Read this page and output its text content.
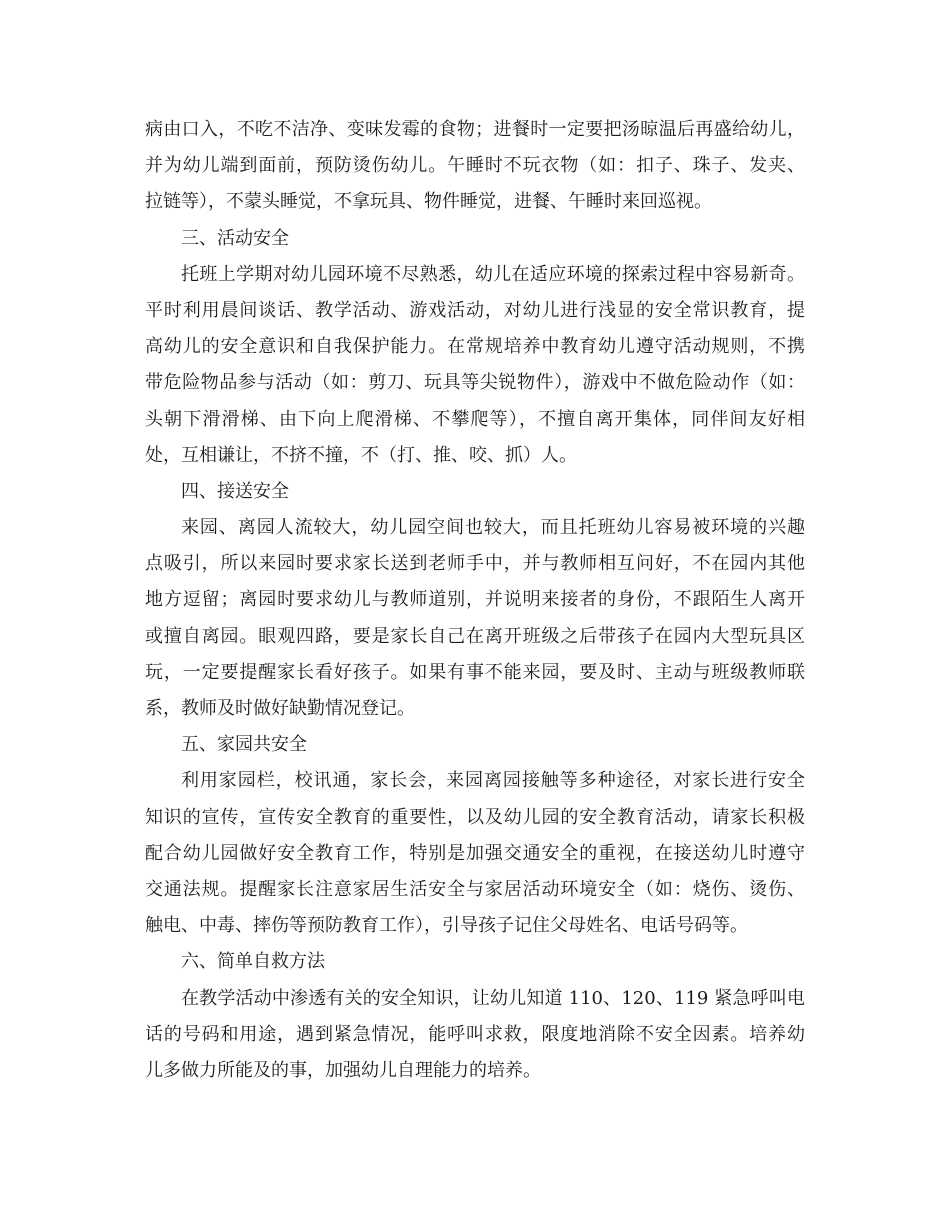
病由口入，不吃不洁净、变味发霉的食物；进餐时一定要把汤晾温后再盛给幼儿，
并为幼儿端到面前，预防烫伤幼儿。午睡时不玩衣物（如：扣子、珠子、发夹、
拉链等），不蒙头睡觉，不拿玩具、物件睡觉，进餐、午睡时来回巡视。
三、活动安全
托班上学期对幼儿园环境不尽熟悉，幼儿在适应环境的探索过程中容易新奇。
平时利用晨间谈话、教学活动、游戏活动，对幼儿进行浅显的安全常识教育，提
高幼儿的安全意识和自我保护能力。在常规培养中教育幼儿遵守活动规则，不携
带危险物品参与活动（如：剪刀、玩具等尖锐物件），游戏中不做危险动作（如：
头朝下滑滑梯、由下向上爬滑梯、不攀爬等），不擅自离开集体，同伴间友好相
处，互相谦让，不挤不撞，不（打、推、咬、抓）人。
四、接送安全
来园、离园人流较大，幼儿园空间也较大，而且托班幼儿容易被环境的兴趣
点吸引，所以来园时要求家长送到老师手中，并与教师相互问好，不在园内其他
地方逗留；离园时要求幼儿与教师道别，并说明来接者的身份，不跟陌生人离开
或擅自离园。眼观四路，要是家长自己在离开班级之后带孩子在园内大型玩具区
玩，一定要提醒家长看好孩子。如果有事不能来园，要及时、主动与班级教师联
系，教师及时做好缺勤情况登记。
五、家园共安全
利用家园栏，校讯通，家长会，来园离园接触等多种途径，对家长进行安全
知识的宣传，宣传安全教育的重要性，以及幼儿园的安全教育活动，请家长积极
配合幼儿园做好安全教育工作，特别是加强交通安全的重视，在接送幼儿时遵守
交通法规。提醒家长注意家居生活安全与家居活动环境安全（如：烧伤、烫伤、
触电、中毒、摔伤等预防教育工作），引导孩子记住父母姓名、电话号码等。
六、简单自救方法
在教学活动中渗透有关的安全知识，让幼儿知道 110、120、119 紧急呼叫电
话的号码和用途，遇到紧急情况，能呼叫求救，限度地消除不安全因素。培养幼
儿多做力所能及的事，加强幼儿自理能力的培养。
